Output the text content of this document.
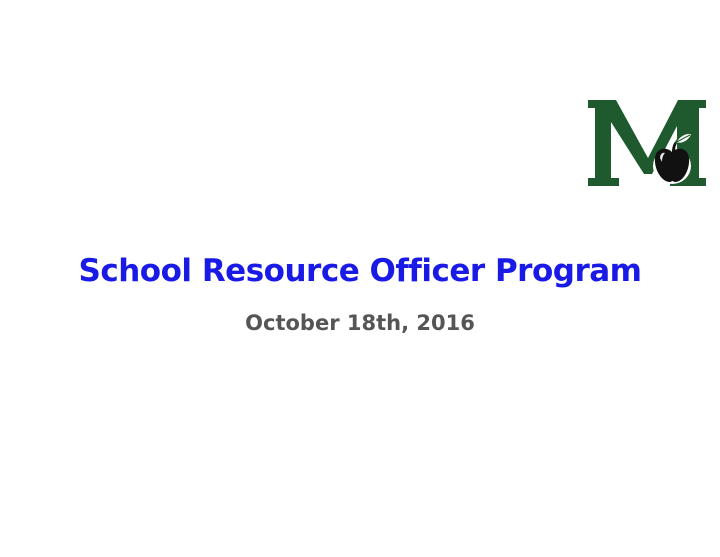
School Resource Officer Program
October 18th, 2016
